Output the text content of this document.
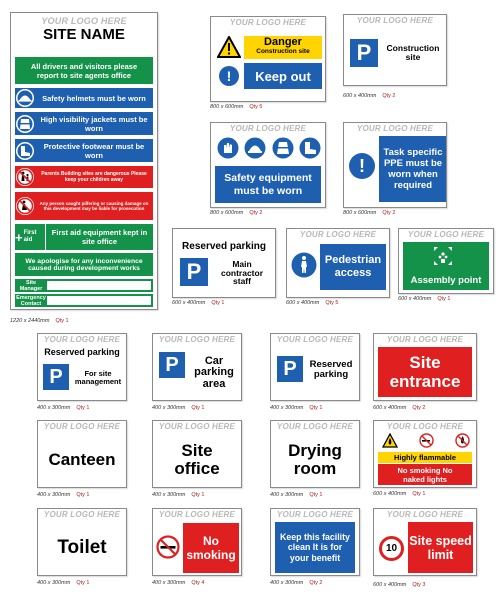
YOUR LOGO HERE
SITE NAME
All drivers and visitors please report to site agents office
Safety helmets must be worn
High visibility jackets must be worn
Protective footwear must be worn
Parents Building sites are dangerous Please keep your children away
Any person caught pilfering or causing damage on this development may be liable for prosecution
+ First aid
First aid equipment kept in site office
We apologise for any inconvenience caused during development works
Site Manager
Emergency Contact
1220 x 2440mm Qty 1
YOUR LOGO HERE
Danger
Construction site
!	Keep out
800 x 600mm Qty 5
YOUR LOGO HERE
P	Construction site
600 x 400mm Qty 2
YOUR LOGO HERE
Safety equipment must be worn
800 x 600mm Qty 2
YOUR LOGO HERE
!
Task specific PPE must be worn when required
800 x 600mm Qty 2
Reserved parking
P	Main contractor staff
600 x 400mm Qty 1
YOUR LOGO HERE
Pedestrian access
600 x 400mm Qty 5
YOUR LOGO HERE
Assembly point
600 x 400mm Qty 1
YOUR LOGO HERE
Reserved parking
P	For site management
400 x 300mm Qty 1
YOUR LOGO HERE
P	Car parking area
400 x 300mm Qty 1
YOUR LOGO HERE
P	Reserved parking
400 x 300mm Qty 1
YOUR LOGO HERE
Site entrance
600 x 400mm Qty 2
YOUR LOGO HERE
Canteen
400 x 300mm Qty 1
YOUR LOGO HERE
Site office
400 x 300mm Qty 1
YOUR LOGO HERE
Drying room
400 x 300mm Qty 1
YOUR LOGO HERE
Highly flammable
No smoking No naked lights
600 x 400mm Qty 1
YOUR LOGO HERE
Toilet
400 x 300mm Qty 1
YOUR LOGO HERE
No smoking
400 x 300mm Qty 4
YOUR LOGO HERE
Keep this facility clean It is for your benefit
400 x 300mm Qty 2
YOUR LOGO HERE
10
Site speed limit
600 x 400mm Qty 3
